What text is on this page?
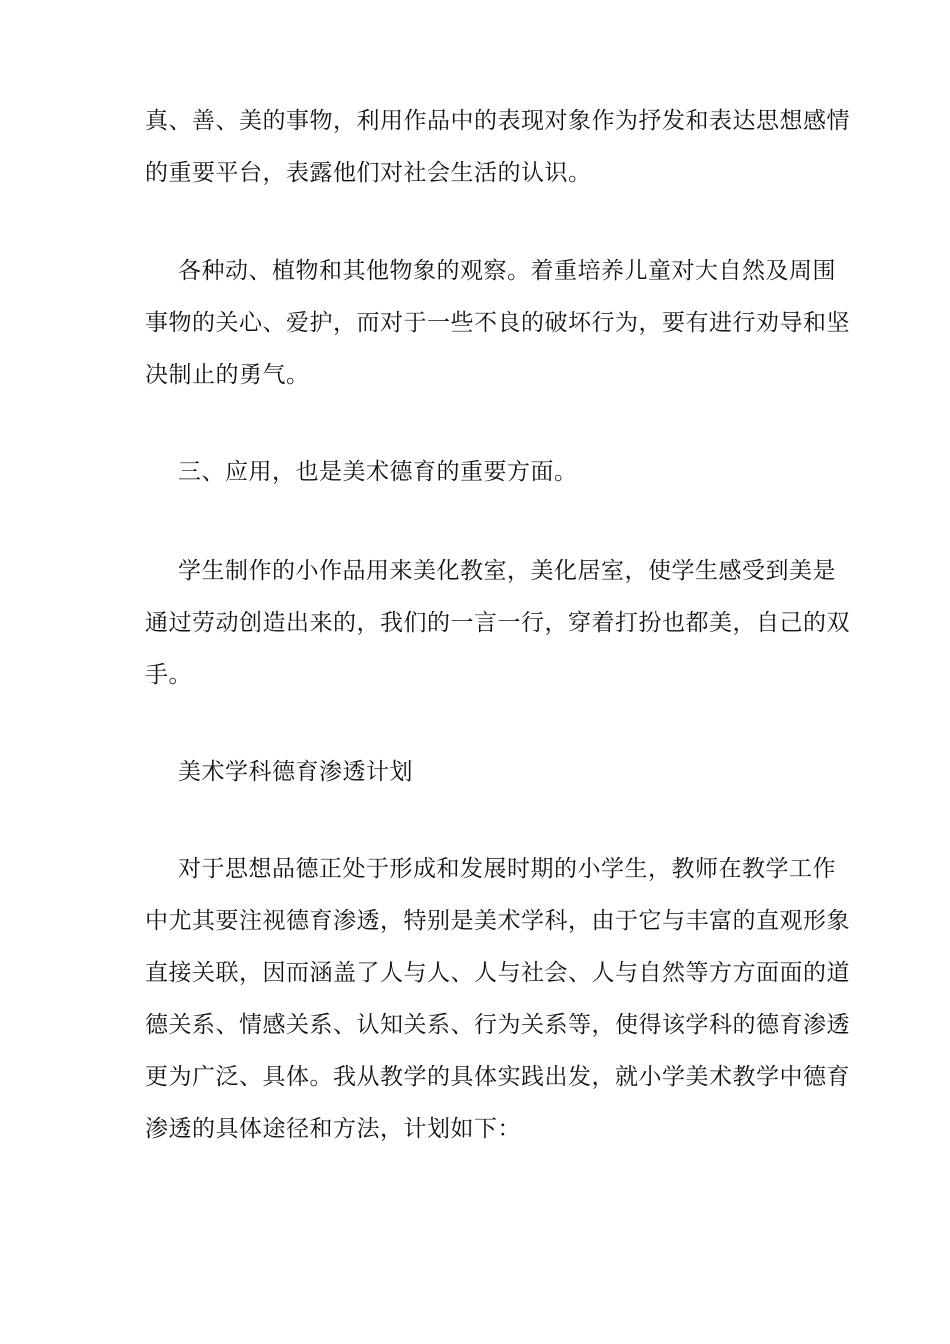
真、善、美的事物，利用作品中的表现对象作为抒发和表达思想感情
的重要平台，表露他们对社会生活的认识。

各种动、植物和其他物象的观察。着重培养儿童对大自然及周围
事物的关心、爱护，而对于一些不良的破坏行为，要有进行劝导和坚
决制止的勇气。

三、应用，也是美术德育的重要方面。

学生制作的小作品用来美化教室，美化居室，使学生感受到美是
通过劳动创造出来的，我们的一言一行，穿着打扮也都美，自己的双
手。

美术学科德育渗透计划

对于思想品德正处于形成和发展时期的小学生，教师在教学工作
中尤其要注视德育渗透，特别是美术学科，由于它与丰富的直观形象
直接关联，因而涵盖了人与人、人与社会、人与自然等方方面面的道
德关系、情感关系、认知关系、行为关系等，使得该学科的德育渗透
更为广泛、具体。我从教学的具体实践出发，就小学美术教学中德育
渗透的具体途径和方法，计划如下：
